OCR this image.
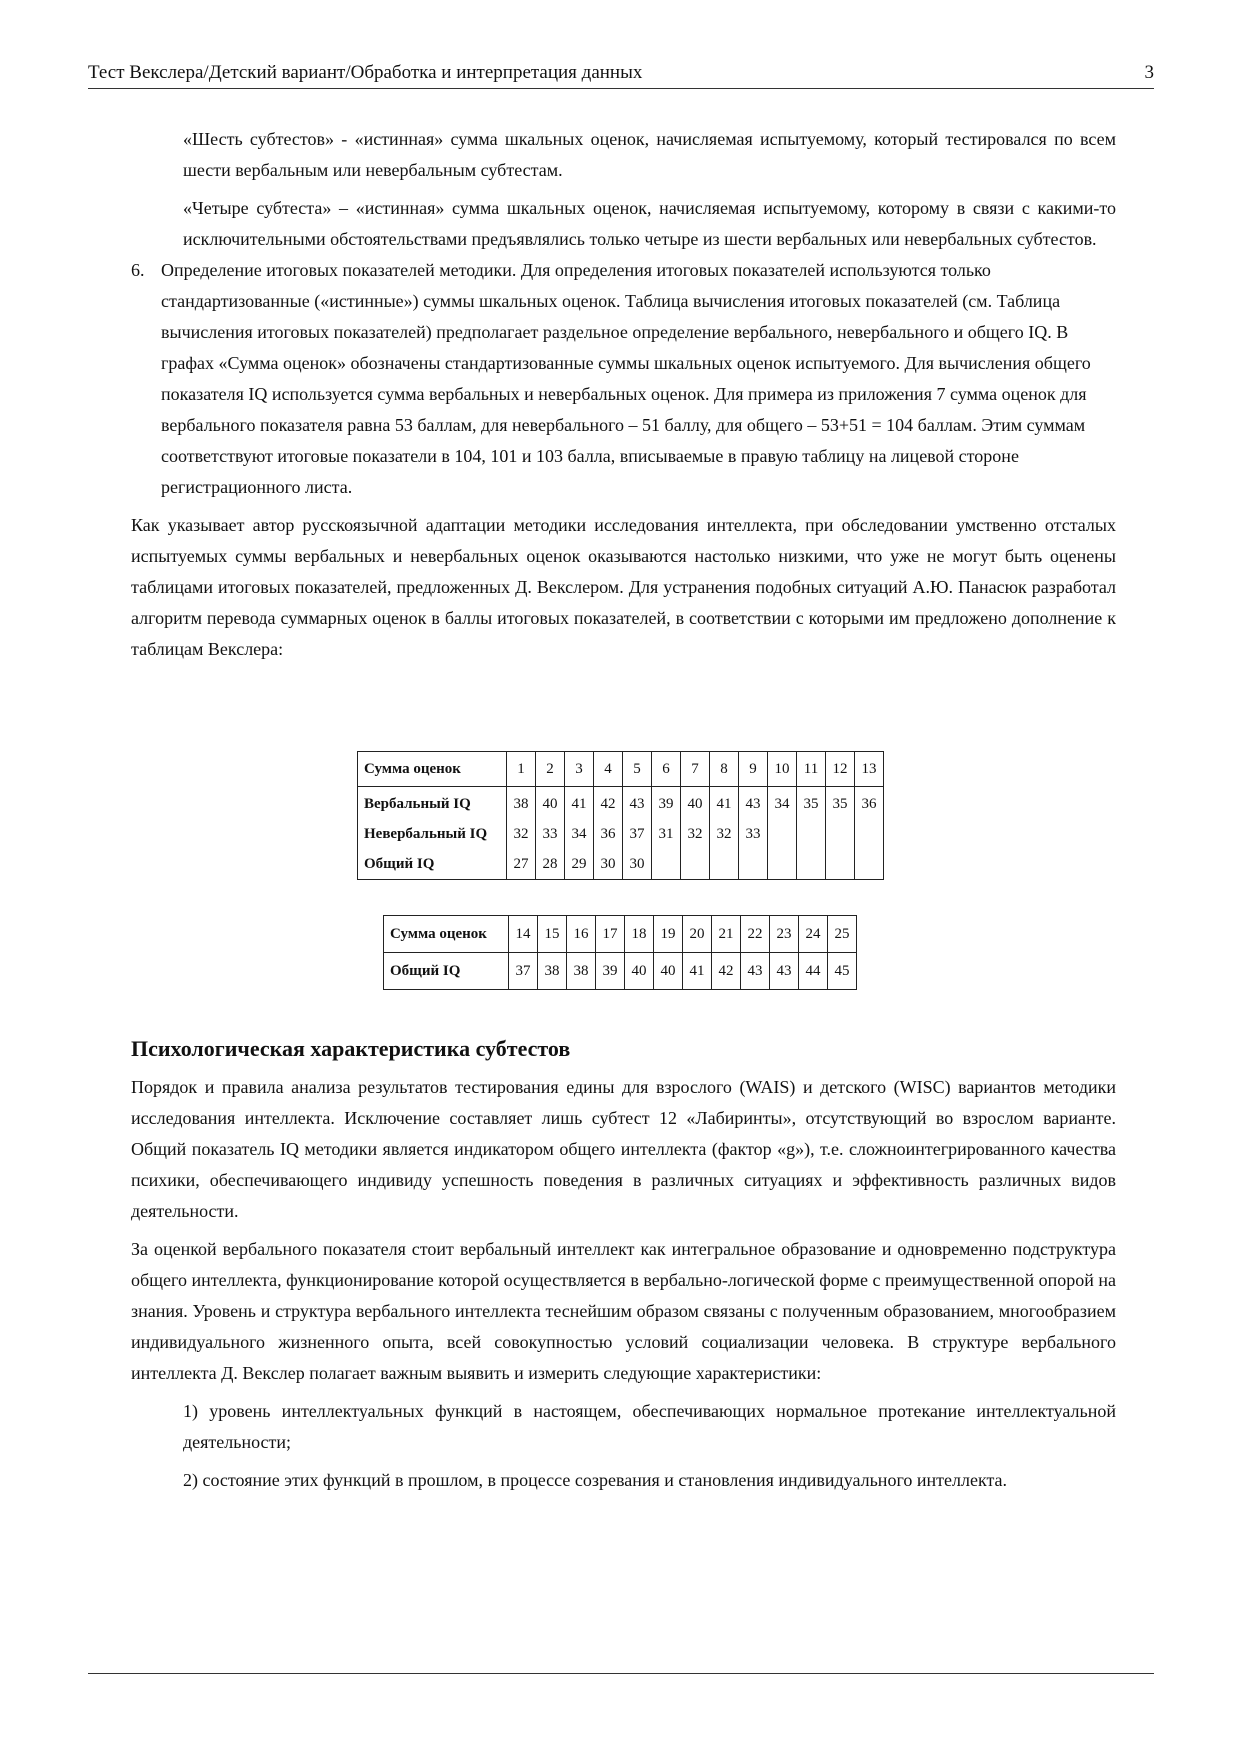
Тест Векслера/Детский вариант/Обработка и интерпретация данных	3

«Шесть субтестов» - «истинная» сумма шкальных оценок, начисляемая испытуемому, который тестировался по всем шести вербальным или невербальным субтестам.

«Четыре субтеста» – «истинная» сумма шкальных оценок, начисляемая испытуемому, которому в связи с какими-то исключительными обстоятельствами предъявлялись только четыре из шести вербальных или невербальных субтестов.

6. Определение итоговых показателей методики. Для определения итоговых показателей используются только стандартизованные («истинные») суммы шкальных оценок. Таблица вычисления итоговых показателей (см. Таблица вычисления итоговых показателей) предполагает раздельное определение вербального, невербального и общего IQ. В графах «Сумма оценок» обозначены стандартизованные суммы шкальных оценок испытуемого. Для вычисления общего показателя IQ используется сумма вербальных и невербальных оценок. Для примера из приложения 7 сумма оценок для вербального показателя равна 53 баллам, для невербального – 51 баллу, для общего – 53+51 = 104 баллам. Этим суммам соответствуют итоговые показатели в 104, 101 и 103 балла, вписываемые в правую таблицу на лицевой стороне регистрационного листа.

Как указывает автор русскоязычной адаптации методики исследования интеллекта, при обследовании умственно отсталых испытуемых суммы вербальных и невербальных оценок оказываются настолько низкими, что уже не могут быть оценены таблицами итоговых показателей, предложенных Д. Векслером. Для устранения подобных ситуаций А.Ю. Панасюк разработал алгоритм перевода суммарных оценок в баллы итоговых показателей, в соответствии с которыми им предложено дополнение к таблицам Векслера:

Сумма оценок	1	2	3	4	5	6	7	8	9	10	11	12	13

Вербальный IQ	38	40	41	42	43	39	40	41	43	34	35	35	36
Невербальный IQ	32	33	34	36	37	31	32	32	33				
Общий IQ	27	28	29	30	30								
Сумма оценок	14	15	16	17	18	19	20	21	22	23	24	25
Общий IQ	37	38	38	39	40	40	41	42	43	43	44	45
Психологическая характеристика субтестов

Порядок и правила анализа результатов тестирования едины для взрослого (WAIS) и детского (WISC) вариантов методики исследования интеллекта. Исключение составляет лишь субтест 12 «Лабиринты», отсутствующий во взрослом варианте. Общий показатель IQ методики является индикатором общего интеллекта (фактор «g»), т.е. сложноинтегрированного качества психики, обеспечивающего индивиду успешность поведения в различных ситуациях и эффективность различных видов деятельности.

За оценкой вербального показателя стоит вербальный интеллект как интегральное образование и одновременно подструктура общего интеллекта, функционирование которой осуществляется в вербально-логической форме с преимущественной опорой на знания. Уровень и структура вербального интеллекта теснейшим образом связаны с полученным образованием, многообразием индивидуального жизненного опыта, всей совокупностью условий социализации человека. В структуре вербального интеллекта Д. Векслер полагает важным выявить и измерить следующие характеристики:

1) уровень интеллектуальных функций в настоящем, обеспечивающих нормальное протекание интеллектуальной деятельности;

2) состояние этих функций в прошлом, в процессе созревания и становления индивидуального интеллекта.
